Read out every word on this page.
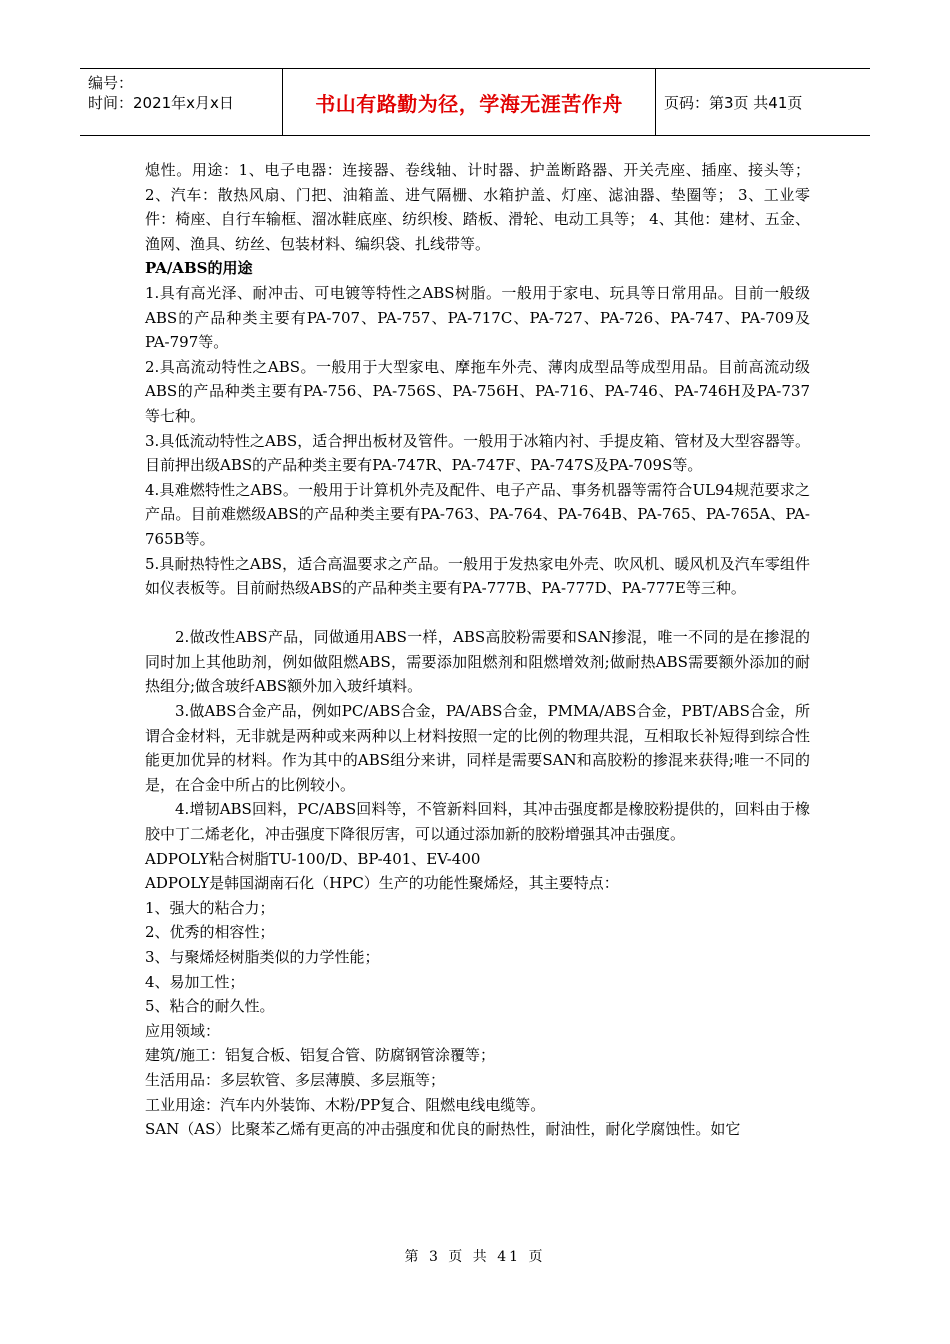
编号：
时间：2021年x月x日	书山有路勤为径，学海无涯苦作舟	页码：第3页 共41页

熄性。用途：1、电子电器：连接器、卷线轴、计时器、护盖断路器、开关壳座、插座、接头等； 2、汽车：散热风扇、门把、油箱盖、进气隔栅、水箱护盖、灯座、滤油器、垫圈等； 3、工业零件：椅座、自行车输框、溜冰鞋底座、纺织梭、踏板、滑轮、电动工具等； 4、其他：建材、五金、渔网、渔具、纺丝、包装材料、编织袋、扎线带等。

PA/ABS的用途

1.具有高光泽、耐冲击、可电镀等特性之ABS树脂。一般用于家电、玩具等日常用品。目前一般级ABS的产品种类主要有PA-707、PA-757、PA-717C、PA-727、PA-726、PA-747、PA-709及PA-797等。

2.具高流动特性之ABS。一般用于大型家电、摩拖车外壳、薄肉成型品等成型用品。目前高流动级ABS的产品种类主要有PA-756、PA-756S、PA-756H、PA-716、PA-746、PA-746H及PA-737等七种。

3.具低流动特性之ABS，适合押出板材及管件。一般用于冰箱内衬、手提皮箱、管材及大型容器等。目前押出级ABS的产品种类主要有PA-747R、PA-747F、PA-747S及PA-709S等。

4.具难燃特性之ABS。一般用于计算机外壳及配件、电子产品、事务机器等需符合UL94规范要求之产品。目前难燃级ABS的产品种类主要有PA-763、PA-764、PA-764B、PA-765、PA-765A、PA-765B等。

5.具耐热特性之ABS，适合高温要求之产品。一般用于发热家电外壳、吹风机、暖风机及汽车零组件如仪表板等。目前耐热级ABS的产品种类主要有PA-777B、PA-777D、PA-777E等三种。

2.做改性ABS产品，同做通用ABS一样，ABS高胶粉需要和SAN掺混，唯一不同的是在掺混的同时加上其他助剂，例如做阻燃ABS，需要添加阻燃剂和阻燃增效剂;做耐热ABS需要额外添加的耐热组分;做含玻纤ABS额外加入玻纤填料。

3.做ABS合金产品，例如PC/ABS合金，PA/ABS合金，PMMA/ABS合金，PBT/ABS合金，所谓合金材料，无非就是两种或来两种以上材料按照一定的比例的物理共混，互相取长补短得到综合性能更加优异的材料。作为其中的ABS组分来讲，同样是需要SAN和高胶粉的掺混来获得;唯一不同的是，在合金中所占的比例较小。

4.增韧ABS回料，PC/ABS回料等，不管新料回料，其冲击强度都是橡胶粉提供的，回料由于橡胶中丁二烯老化，冲击强度下降很厉害，可以通过添加新的胶粉增强其冲击强度。

ADPOLY粘合树脂TU-100/D、BP-401、EV-400

ADPOLY是韩国湖南石化（HPC）生产的功能性聚烯烃，其主要特点：

1、强大的粘合力；

2、优秀的相容性；

3、与聚烯烃树脂类似的力学性能；

4、易加工性；

5、粘合的耐久性。

应用领域：

建筑/施工：铝复合板、铝复合管、防腐钢管涂覆等；

生活用品：多层软管、多层薄膜、多层瓶等；

工业用途：汽车内外装饰、木粉/PP复合、阻燃电线电缆等。

SAN（AS）比聚苯乙烯有更高的冲击强度和优良的耐热性，耐油性，耐化学腐蚀性。如它

第 3 页 共 41 页
